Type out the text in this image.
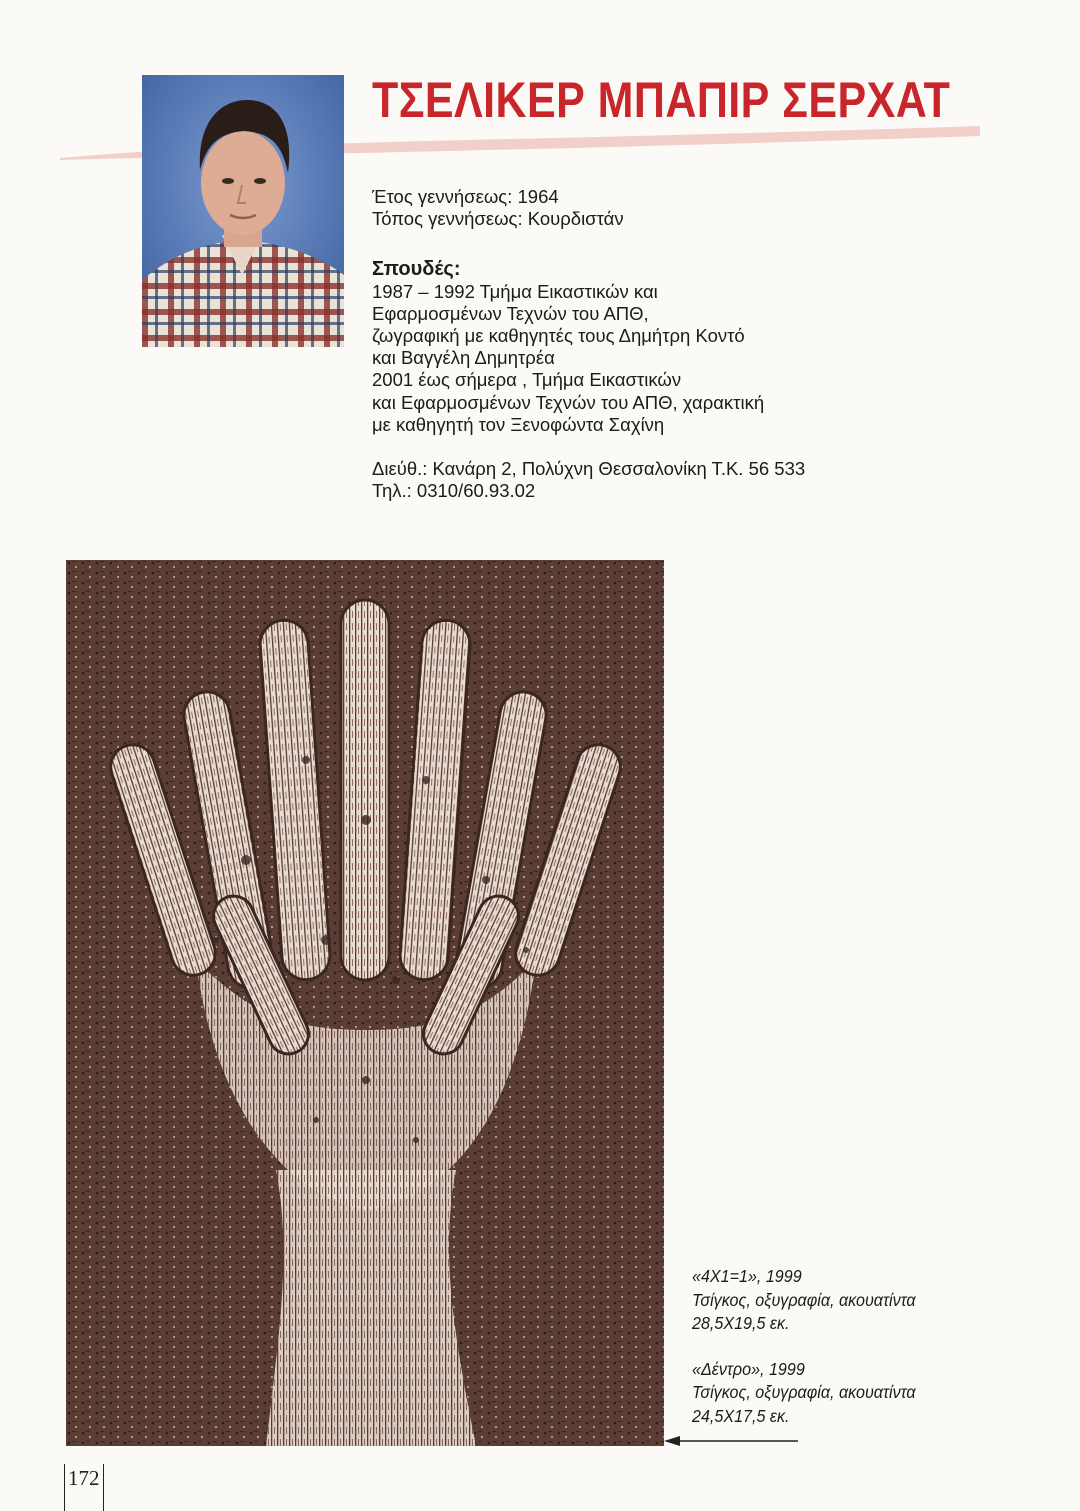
ΤΣΕΛΙΚΕΡ ΜΠΑΠΙΡ ΣΕΡΧΑΤ

Έτος γεννήσεως: 1964

Τόπος γεννήσεως: Κουρδιστάν

Σπουδές:

1987 – 1992 Τμήμα Εικαστικών και

Εφαρμοσμένων Τεχνών του ΑΠΘ,

ζωγραφική με καθηγητές τους Δημήτρη Κοντό

και Βαγγέλη Δημητρέα

2001 έως σήμερα , Τμήμα Εικαστικών

και Εφαρμοσμένων Τεχνών του ΑΠΘ, χαρακτική

με καθηγητή τον Ξενοφώντα Σαχίνη

Διεύθ.: Κανάρη 2, Πολύχνη Θεσσαλονίκη Τ.Κ. 56 533

Τηλ.: 0310/60.93.02

«4Χ1=1», 1999

Τσίγκος, οξυγραφία, ακουατίντα

28,5Χ19,5 εκ.

«Δέντρο», 1999

Τσίγκος, οξυγραφία, ακουατίντα

24,5Χ17,5 εκ.

172
